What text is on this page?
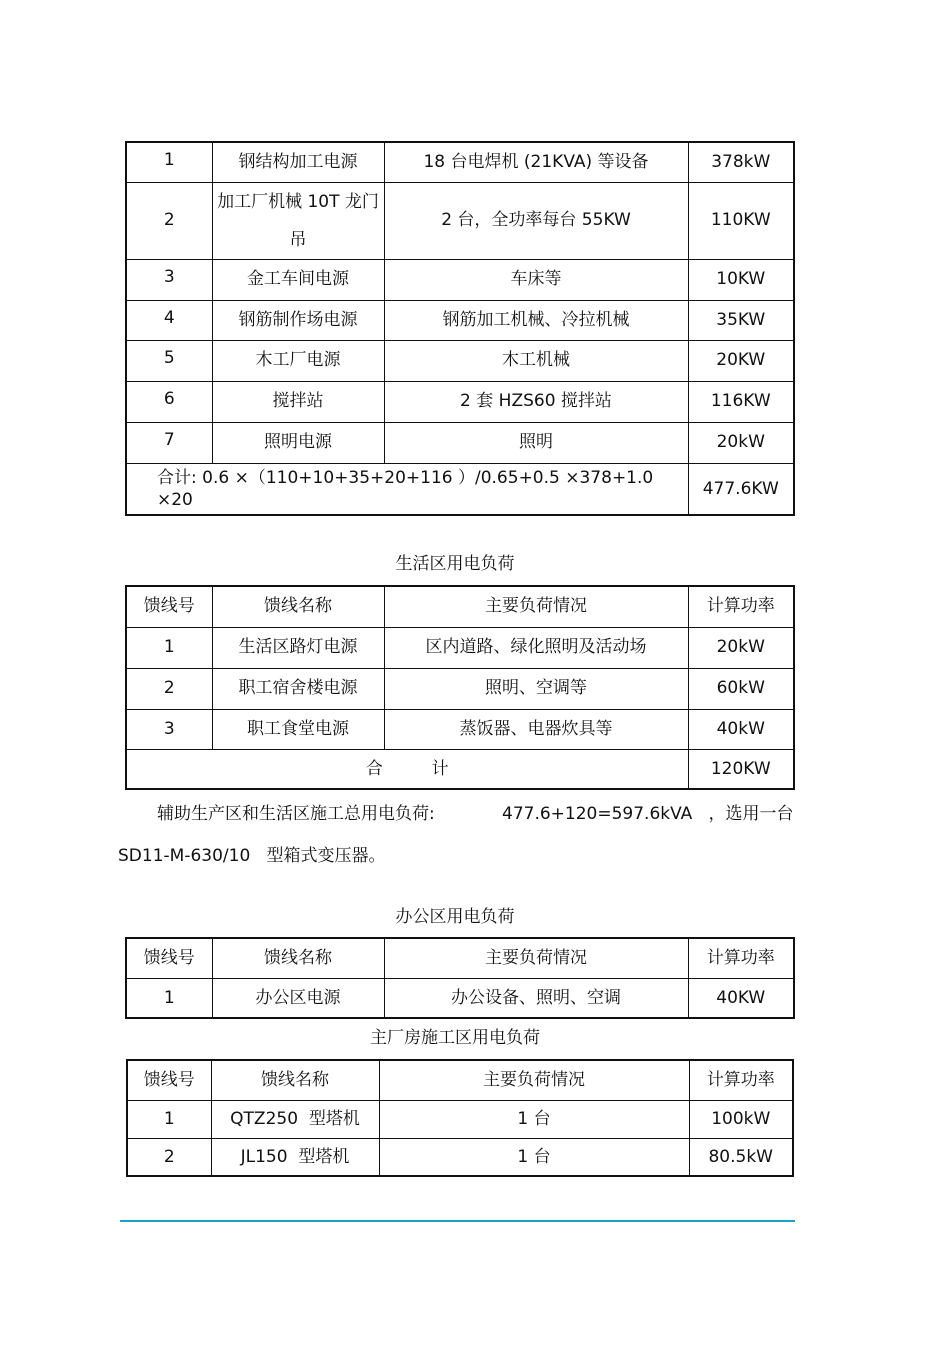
1	钢结构加工电源	18 台电焊机 (21KVA) 等设备	378kW
2	加工厂机械 10T 龙门吊	2 台，全功率每台 55KW	110KW
3	金工车间电源	车床等	10KW
4	钢筋制作场电源	钢筋加工机械、冷拉机械	35KW
5	木工厂电源	木工机械	20KW
6	搅拌站	2 套 HZS60 搅拌站	116KW
7	照明电源	照明	20kW
合计: 0.6 ×（110+10+35+20+116 ）/0.65+0.5 ×378+1.0 ×20			477.6KW
生活区用电负荷
馈线号	馈线名称	主要负荷情况	计算功率
1	生活区路灯电源	区内道路、绿化照明及活动场	20kW
2	职工宿舍楼电源	照明、空调等	60kW
3	职工食堂电源	蒸饭器、电器炊具等	40kW
合         计			120KW
辅助生产区和生活区施工总用电负荷:	477.6+120=597.6kVA   ，选用一台
SD11-M-630/10   型箱式变压器。
办公区用电负荷
馈线号	馈线名称	主要负荷情况	计算功率
1	办公区电源	办公设备、照明、空调	40KW
主厂房施工区用电负荷
馈线号	馈线名称	主要负荷情况	计算功率
1	QTZ250  型塔机	1 台	100kW
2	JL150  型塔机	1 台	80.5kW
